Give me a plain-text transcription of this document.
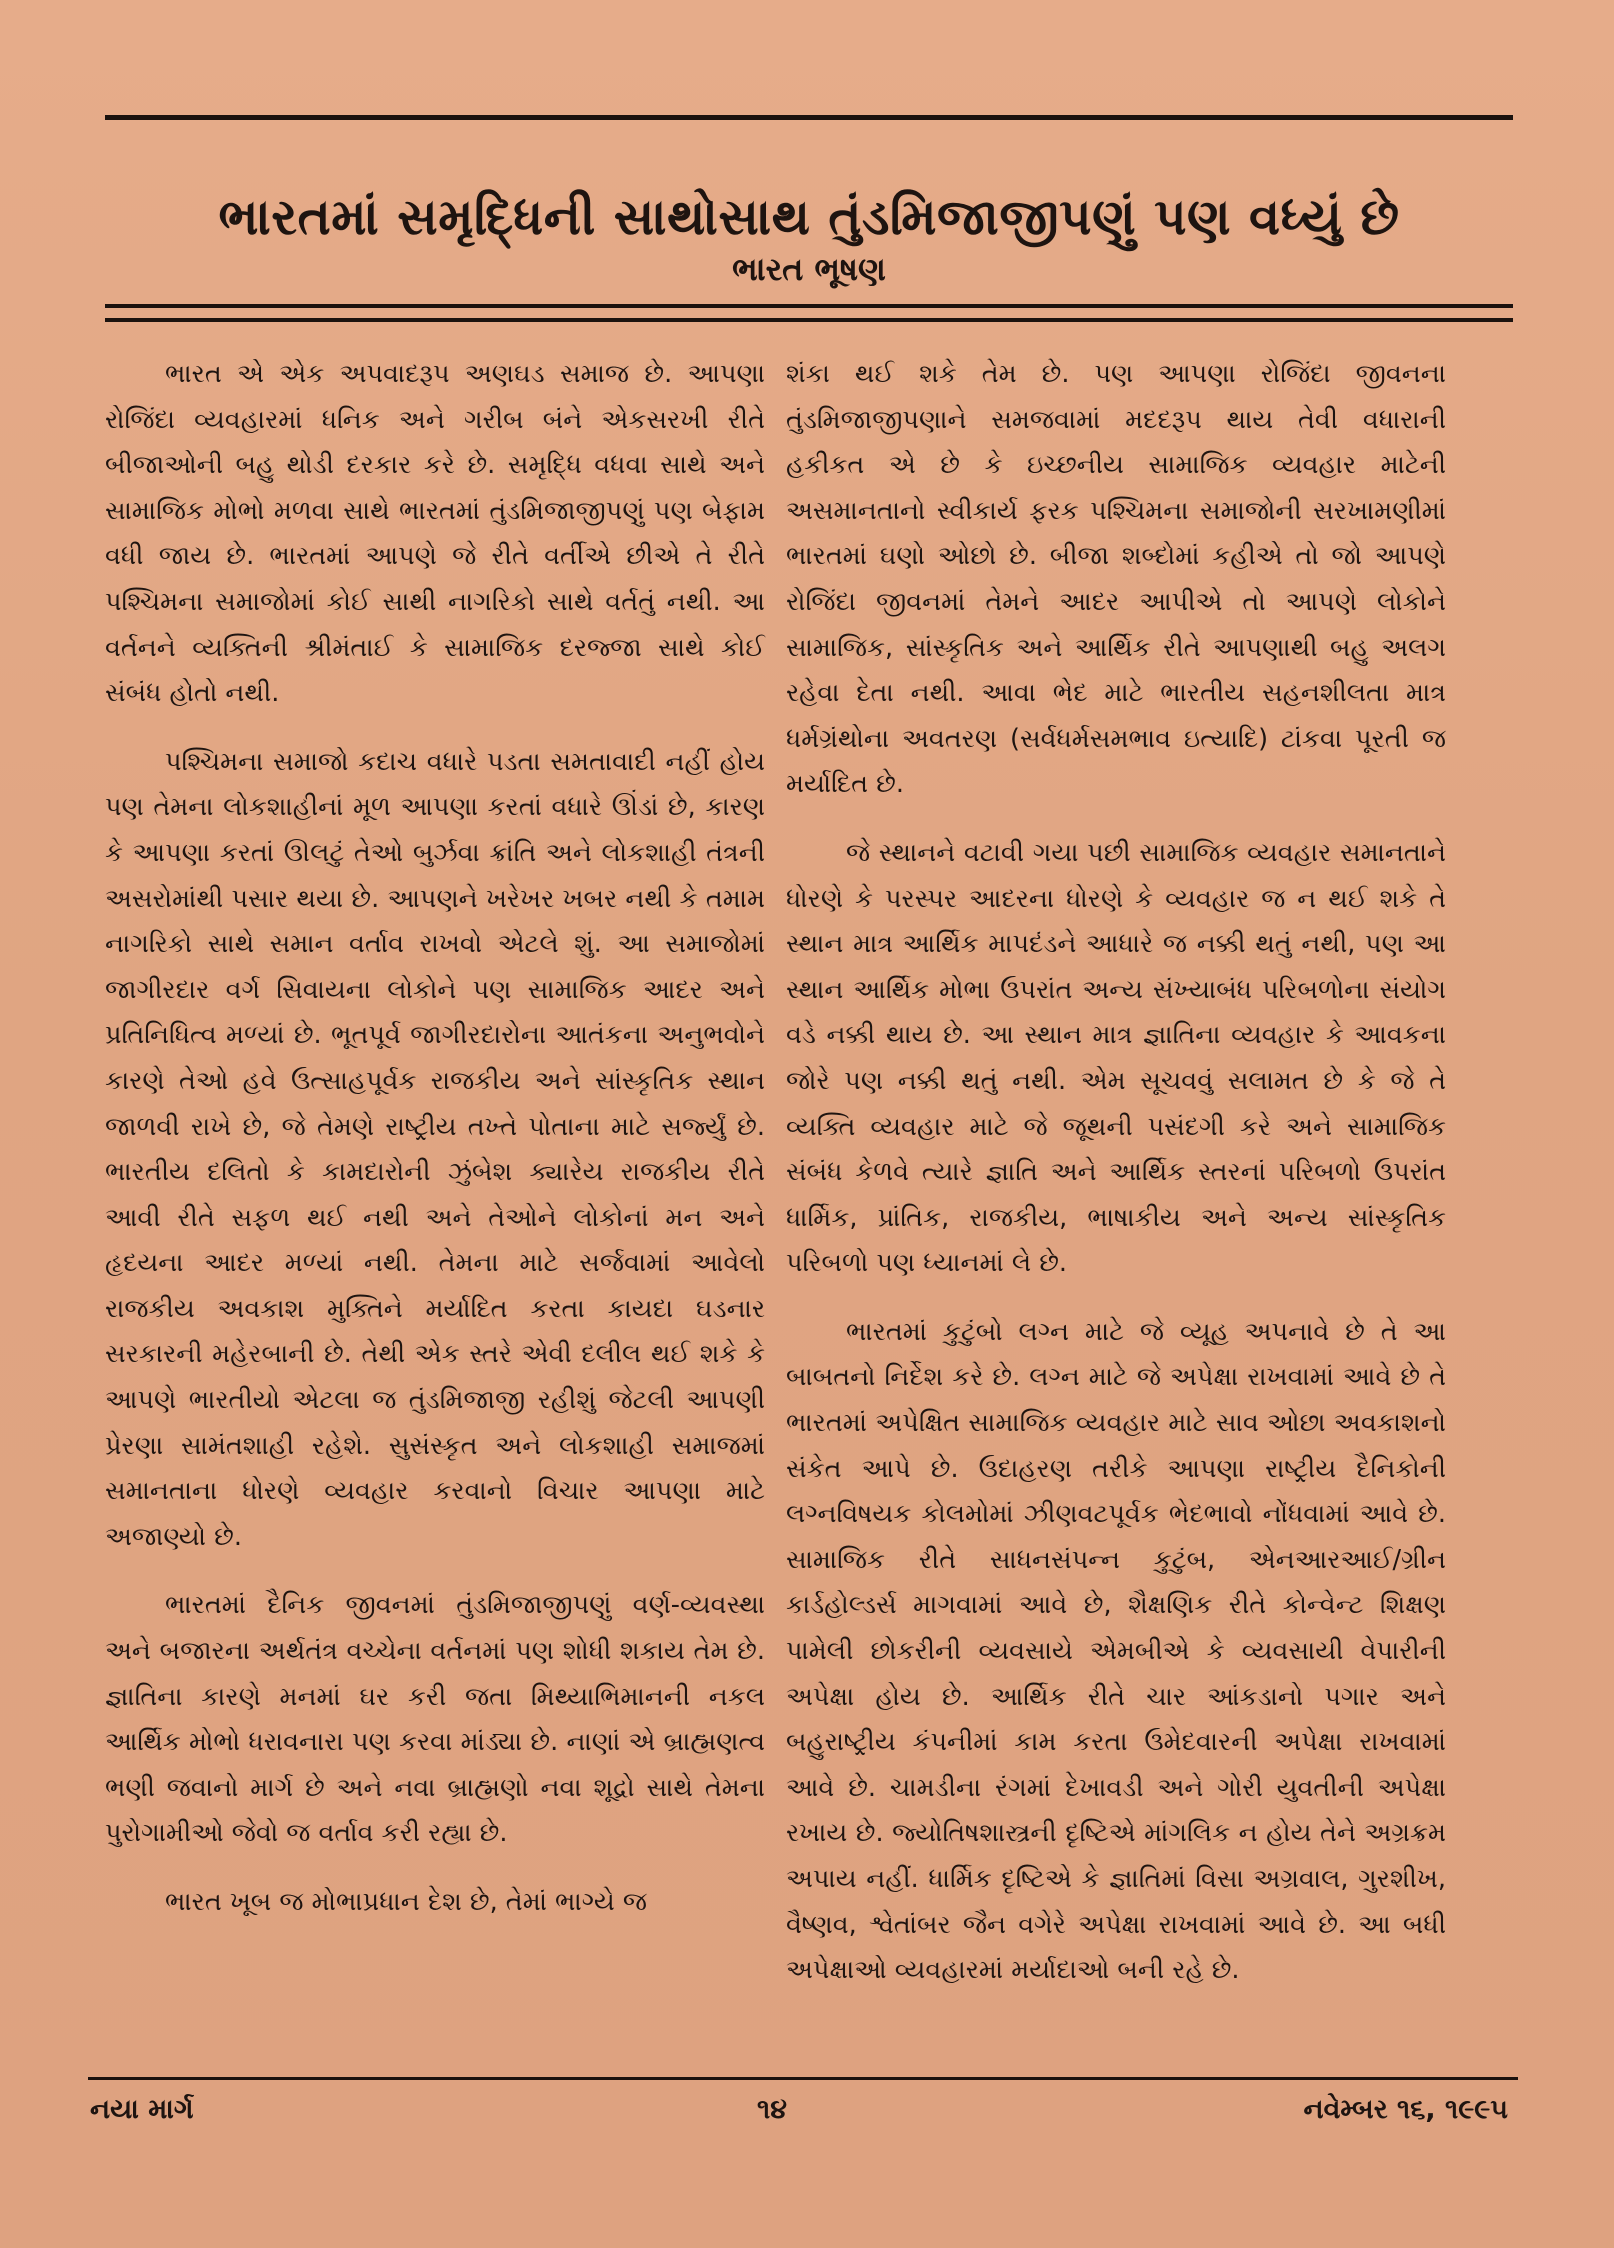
ભારતમાં સમૃદ્ધિની સાથોસાથ તુંડમિજાજીપણું પણ વધ્યું છે
ભારત ભૂષણ

ભારત એ એક અપવાદરૂપ અણઘડ સમાજ છે. આપણા રોજિંદા વ્યવહારમાં ધનિક અને ગરીબ બંને એકસરખી રીતે બીજાઓની બહુ થોડી દરકાર કરે છે. સમૃદ્ધિ વધવા સાથે અને સામાજિક મોભો મળવા સાથે ભારતમાં તુંડમિજાજીપણું પણ બેફામ વધી જાય છે. ભારતમાં આપણે જે રીતે વર્તીએ છીએ તે રીતે પશ્ચિમના સમાજોમાં કોઈ સાથી નાગરિકો સાથે વર્તતું નથી. આ વર્તનને વ્યક્તિની શ્રીમંતાઈ કે સામાજિક દરજ્જા સાથે કોઈ સંબંધ હોતો નથી.

પશ્ચિમના સમાજો કદાચ વધારે પડતા સમતાવાદી નહીં હોય પણ તેમના લોકશાહીનાં મૂળ આપણા કરતાં વધારે ઊંડાં છે, કારણ કે આપણા કરતાં ઊલટું તેઓ બુર્ઝવા ક્રાંતિ અને લોકશાહી તંત્રની અસરોમાંથી પસાર થયા છે. આપણને ખરેખર ખબર નથી કે તમામ નાગરિકો સાથે સમાન વર્તાવ રાખવો એટલે શું. આ સમાજોમાં જાગીરદાર વર્ગ સિવાયના લોકોને પણ સામાજિક આદર અને પ્રતિનિધિત્વ મળ્યાં છે. ભૂતપૂર્વ જાગીરદારોના આતંકના અનુભવોને કારણે તેઓ હવે ઉત્સાહપૂર્વક રાજકીય અને સાંસ્કૃતિક સ્થાન જાળવી રાખે છે, જે તેમણે રાષ્ટ્રીય તખ્તે પોતાના માટે સર્જ્યું છે. ભારતીય દલિતો કે કામદારોની ઝુંબેશ ક્યારેય રાજકીય રીતે આવી રીતે સફળ થઈ નથી અને તેઓને લોકોનાં મન અને હૃદયના આદર મળ્યાં નથી. તેમના માટે સર્જવામાં આવેલો રાજકીય અવકાશ મુક્તિને મર્યાદિત કરતા કાયદા ઘડનાર સરકારની મહેરબાની છે. તેથી એક સ્તરે એવી દલીલ થઈ શકે કે આપણે ભારતીયો એટલા જ તુંડમિજાજી રહીશું જેટલી આપણી પ્રેરણા સામંતશાહી રહેશે. સુસંસ્કૃત અને લોકશાહી સમાજમાં સમાનતાના ધોરણે વ્યવહાર કરવાનો વિચાર આપણા માટે અજાણ્યો છે.

ભારતમાં દૈનિક જીવનમાં તુંડમિજાજીપણું વર્ણ-વ્યવસ્થા અને બજારના અર્થતંત્ર વચ્ચેના વર્તનમાં પણ શોધી શકાય તેમ છે. જ્ઞાતિના કારણે મનમાં ઘર કરી જતા મિથ્યાભિમાનની નકલ આર્થિક મોભો ધરાવનારા પણ કરવા માંડ્યા છે. નાણાં એ બ્રાહ્મણત્વ ભણી જવાનો માર્ગ છે અને નવા બ્રાહ્મણો નવા શૂદ્રો સાથે તેમના પુરોગામીઓ જેવો જ વર્તાવ કરી રહ્યા છે.

ભારત ખૂબ જ મોભાપ્રધાન દેશ છે, તેમાં ભાગ્યે જ

શંકા થઈ શકે તેમ છે. પણ આપણા રોજિંદા જીવનના તુંડમિજાજીપણાને સમજવામાં મદદરૂપ થાય તેવી વધારાની હકીકત એ છે કે ઇચ્છનીય સામાજિક વ્યવહાર માટેની અસમાનતાનો સ્વીકાર્ય ફરક પશ્ચિમના સમાજોની સરખામણીમાં ભારતમાં ઘણો ઓછો છે. બીજા શબ્દોમાં કહીએ તો જો આપણે રોજિંદા જીવનમાં તેમને આદર આપીએ તો આપણે લોકોને સામાજિક, સાંસ્કૃતિક અને આર્થિક રીતે આપણાથી બહુ અલગ રહેવા દેતા નથી. આવા ભેદ માટે ભારતીય સહનશીલતા માત્ર ધર્મગ્રંથોના અવતરણ (સર્વધર્મસમભાવ ઇત્યાદિ) ટાંકવા પૂરતી જ મર્યાદિત છે.

જે સ્થાનને વટાવી ગયા પછી સામાજિક વ્યવહાર સમાનતાને ધોરણે કે પરસ્પર આદરના ધોરણે કે વ્યવહાર જ ન થઈ શકે તે સ્થાન માત્ર આર્થિક માપદંડને આધારે જ નક્કી થતું નથી, પણ આ સ્થાન આર્થિક મોભા ઉપરાંત અન્ય સંખ્યાબંધ પરિબળોના સંયોગ વડે નક્કી થાય છે. આ સ્થાન માત્ર જ્ઞાતિના વ્યવહાર કે આવકના જોરે પણ નક્કી થતું નથી. એમ સૂચવવું સલામત છે કે જે તે વ્યક્તિ વ્યવહાર માટે જે જૂથની પસંદગી કરે અને સામાજિક સંબંધ કેળવે ત્યારે જ્ઞાતિ અને આર્થિક સ્તરનાં પરિબળો ઉપરાંત ધાર્મિક, પ્રાંતિક, રાજકીય, ભાષાકીય અને અન્ય સાંસ્કૃતિક પરિબળો પણ ધ્યાનમાં લે છે.

ભારતમાં કુટુંબો લગ્ન માટે જે વ્યૂહ અપનાવે છે તે આ બાબતનો નિર્દેશ કરે છે. લગ્ન માટે જે અપેક્ષા રાખવામાં આવે છે તે ભારતમાં અપેક્ષિત સામાજિક વ્યવહાર માટે સાવ ઓછા અવકાશનો સંકેત આપે છે. ઉદાહરણ તરીકે આપણા રાષ્ટ્રીય દૈનિકોની લગ્નવિષયક કોલમોમાં ઝીણવટપૂર્વક ભેદભાવો નોંધવામાં આવે છે. સામાજિક રીતે સાધનસંપન્ન કુટુંબ, એનઆરઆઈ/ગ્રીન કાર્ડહોલ્ડર્સ માગવામાં આવે છે, શૈક્ષણિક રીતે કોન્વેન્ટ શિક્ષણ પામેલી છોકરીની વ્યવસાયે એમબીએ કે વ્યવસાયી વેપારીની અપેક્ષા હોય છે. આર્થિક રીતે ચાર આંકડાનો પગાર અને બહુરાષ્ટ્રીય કંપનીમાં કામ કરતા ઉમેદવારની અપેક્ષા રાખવામાં આવે છે. ચામડીના રંગમાં દેખાવડી અને ગોરી યુવતીની અપેક્ષા રખાય છે. જ્યોતિષશાસ્ત્રની દૃષ્ટિએ માંગલિક ન હોય તેને અગ્રક્રમ અપાય નહીં. ધાર્મિક દૃષ્ટિએ કે જ્ઞાતિમાં વિસા અગ્રવાલ, ગુરશીખ, વૈષ્ણવ, શ્વેતાંબર જૈન વગેરે અપેક્ષા રાખવામાં આવે છે. આ બધી અપેક્ષાઓ વ્યવહારમાં મર્યાદાઓ બની રહે છે.

નયા માર્ગ	૧૪	નવેમ્બર ૧૬, ૧૯૯૫
